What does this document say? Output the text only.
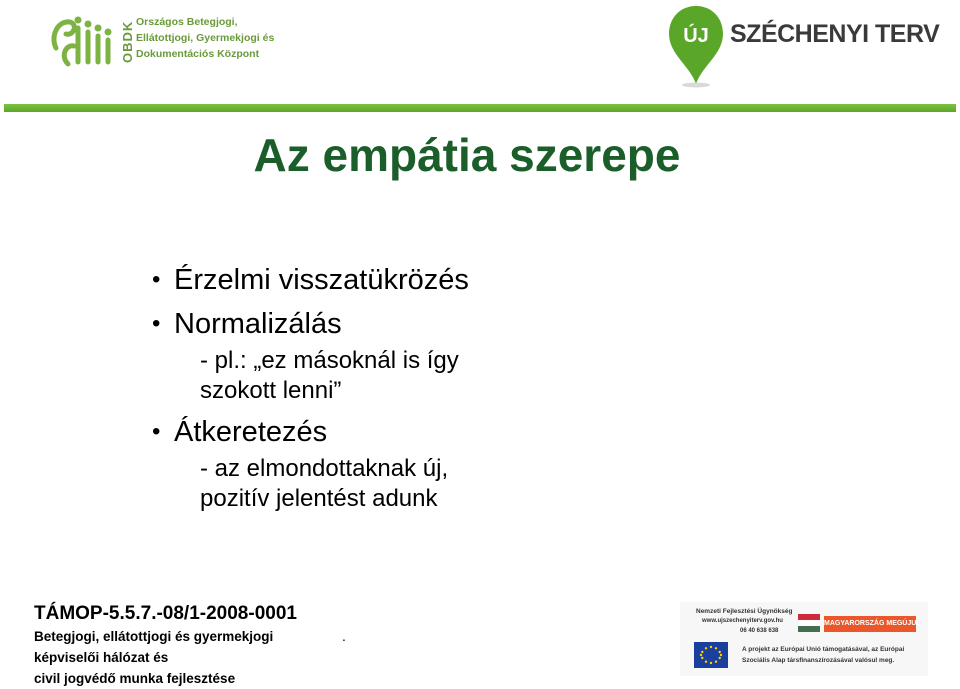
OBDK Országos Betegjogi,
Ellátottjogi, Gyermekjogi és
Dokumentációs Központ
ÚJ SZÉCHENYI TERV
Az empátia szerepe
• Érzelmi visszatükrözés
• Normalizálás
- pl.: „ez másoknál is így
szokott lenni”
• Átkeretezés
- az elmondottaknak új,
pozitív jelentést adunk
TÁMOP-5.5.7.-08/1-2008-0001
Betegjogi, ellátottjogi és gyermekjogi
képviselői hálózat és
civil jogvédő munka fejlesztése
.
Nemzeti Fejlesztési Ügynökség
www.ujszechenyiterv.gov.hu
06 40 638 638
MAGYARORSZÁG MEGÚJUL
A projekt az Európai Unió támogatásával, az Európai
Szociális Alap társfinanszírozásával valósul meg.
